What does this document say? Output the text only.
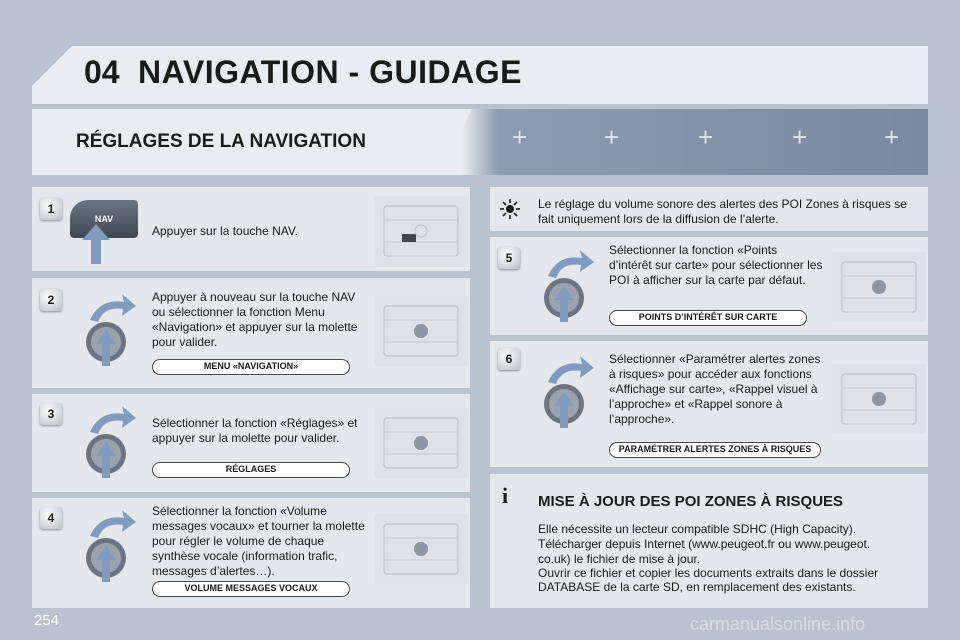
04 NAVIGATION - GUIDAGE
RÉGLAGES DE LA NAVIGATION	+	+	+	+	+
1
NAV
Appuyer sur la touche NAV.
2	Appuyer à nouveau sur la touche NAV ou sélectionner la fonction Menu «Navigation» et appuyer sur la molette pour valider.
MENU «NAVIGATION»
3
Sélectionner la fonction «Réglages» et appuyer sur la molette pour valider.
RÉGLAGES
4	Sélectionner la fonction «Volume messages vocaux» et tourner la molette pour régler le volume de chaque synthèse vocale (information trafic, messages d’alertes…).
VOLUME MESSAGES VOCAUX
Le réglage du volume sonore des alertes des POI Zones à risques se fait uniquement lors de la diffusion de l’alerte.
5
Sélectionner la fonction «Points d’intérêt sur carte» pour sélectionner les POI à afficher sur la carte par défaut.
POINTS D’INTÉRÊT SUR CARTE
6	Sélectionner «Paramétrer alertes zones à risques» pour accéder aux fonctions «Affichage sur carte», «Rappel visuel à l’approche» et «Rappel sonore à l’approche».
PARAMÉTRER ALERTES ZONES À RISQUES
i MISE À JOUR DES POI ZONES À RISQUES
Elle nécessite un lecteur compatible SDHC (High Capacity).
Télécharger depuis Internet (www.peugeot.fr ou www.peugeot.
co.uk) le fichier de mise à jour.
Ouvrir ce fichier et copier les documents extraits dans le dossier
DATABASE de la carte SD, en remplacement des existants.
254	carmanualsonline.info
